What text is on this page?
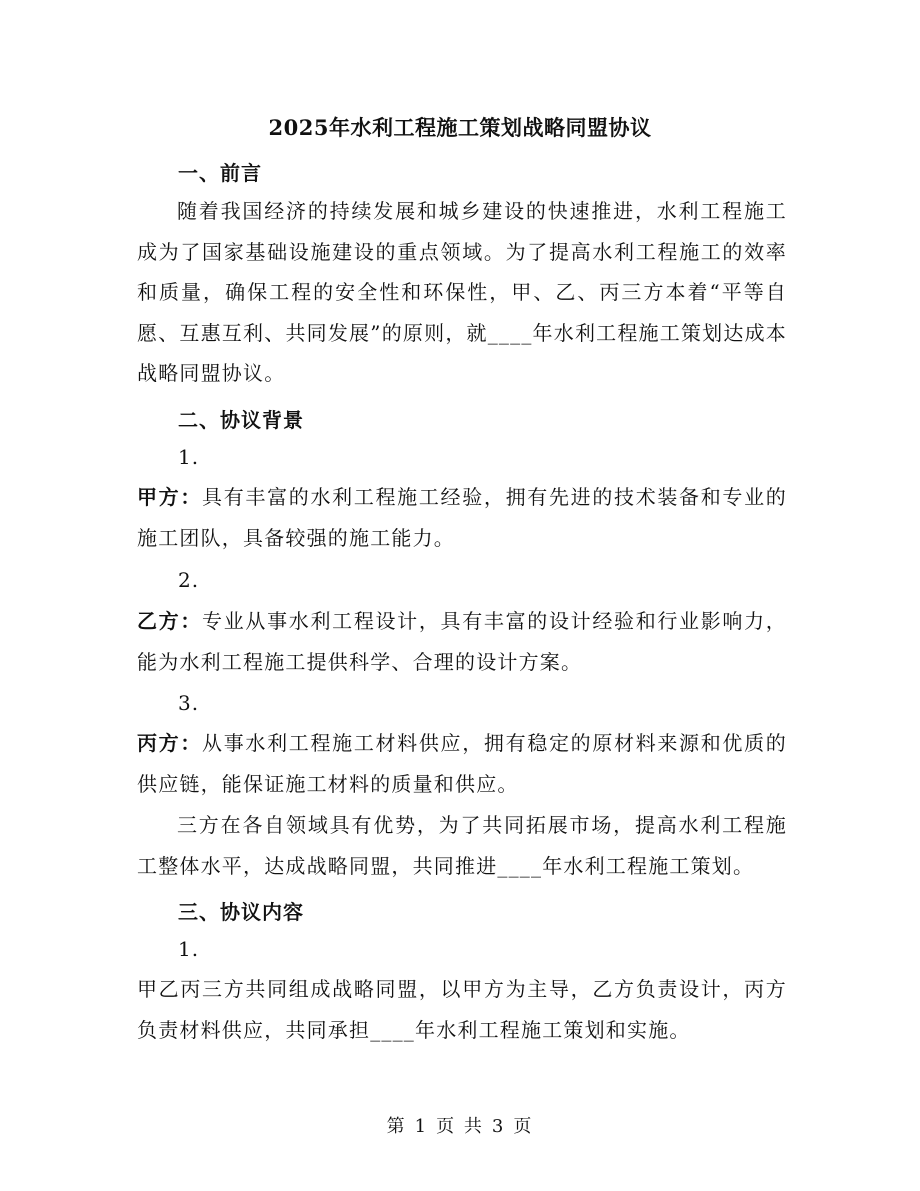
2025年水利工程施工策划战略同盟协议
一、前言
随着我国经济的持续发展和城乡建设的快速推进，水利工程施工成为了国家基础设施建设的重点领域。为了提高水利工程施工的效率和质量，确保工程的安全性和环保性，甲、乙、丙三方本着“平等自愿、互惠互利、共同发展”的原则，就____年水利工程施工策划达成本战略同盟协议。
二、协议背景
1.
甲方：具有丰富的水利工程施工经验，拥有先进的技术装备和专业的施工团队，具备较强的施工能力。
2.
乙方：专业从事水利工程设计，具有丰富的设计经验和行业影响力，能为水利工程施工提供科学、合理的设计方案。
3.
丙方：从事水利工程施工材料供应，拥有稳定的原材料来源和优质的供应链，能保证施工材料的质量和供应。
三方在各自领域具有优势，为了共同拓展市场，提高水利工程施工整体水平，达成战略同盟，共同推进____年水利工程施工策划。
三、协议内容
1.
甲乙丙三方共同组成战略同盟，以甲方为主导，乙方负责设计，丙方负责材料供应，共同承担____年水利工程施工策划和实施。
第 1 页 共 3 页
